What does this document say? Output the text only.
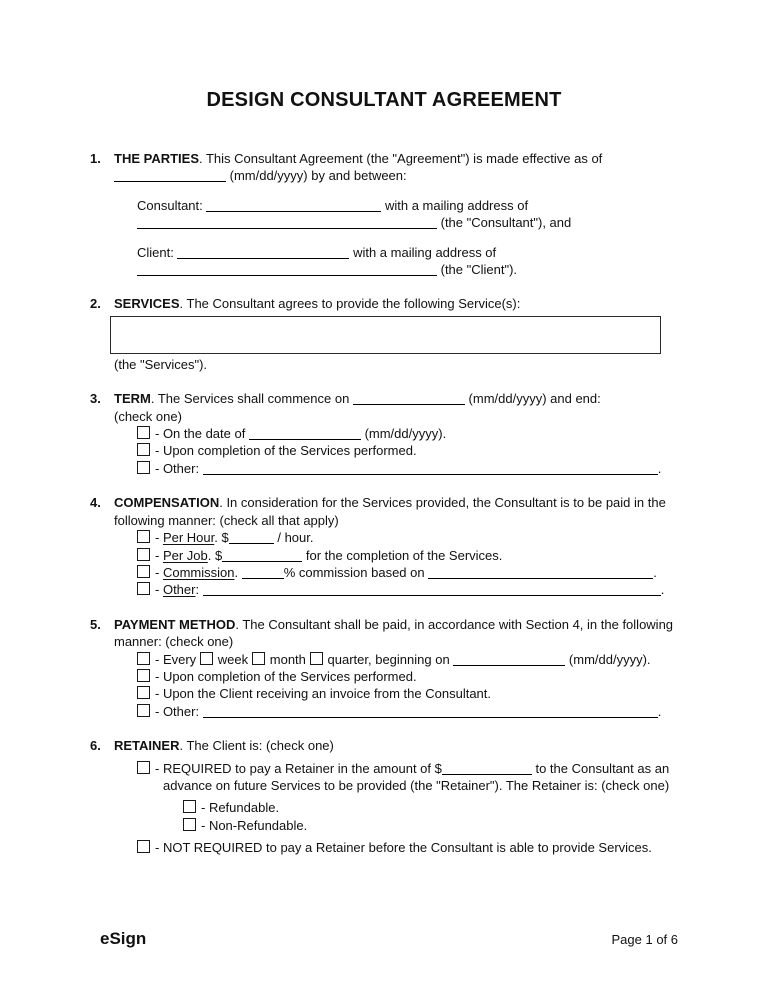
DESIGN CONSULTANT AGREEMENT
1.	THE PARTIES. This Consultant Agreement (the "Agreement") is made effective as of  (mm/dd/yyyy) by and between:
Consultant:	with a mailing address of  (the "Consultant"), and
Client:	with a mailing address of  (the "Client").
2.	SERVICES. The Consultant agrees to provide the following Service(s):
(the "Services").
3.	TERM. The Services shall commence on	(mm/dd/yyyy) and end:
(check one)
- On the date of	(mm/dd/yyyy).
- Upon completion of the Services performed.
- Other:	.
4.	COMPENSATION. In consideration for the Services provided, the Consultant is to be paid in the following manner: (check all that apply)
- Per Hour. $	/ hour.
- Per Job. $	for the completion of the Services.
- Commission.	% commission based on	.
- Other:	.
5.	PAYMENT METHOD. The Consultant shall be paid, in accordance with Section 4, in the following manner: (check one)
- Every week month quarter, beginning on	(mm/dd/yyyy).
- Upon completion of the Services performed.
- Upon the Client receiving an invoice from the Consultant.
- Other:	.
6.	RETAINER. The Client is: (check one)
- REQUIRED to pay a Retainer in the amount of $	to the Consultant as an advance on future Services to be provided (the "Retainer"). The Retainer is: (check one)
- Refundable.
- Non-Refundable.
- NOT REQUIRED to pay a Retainer before the Consultant is able to provide Services.
eSign	Page 1 of 6
